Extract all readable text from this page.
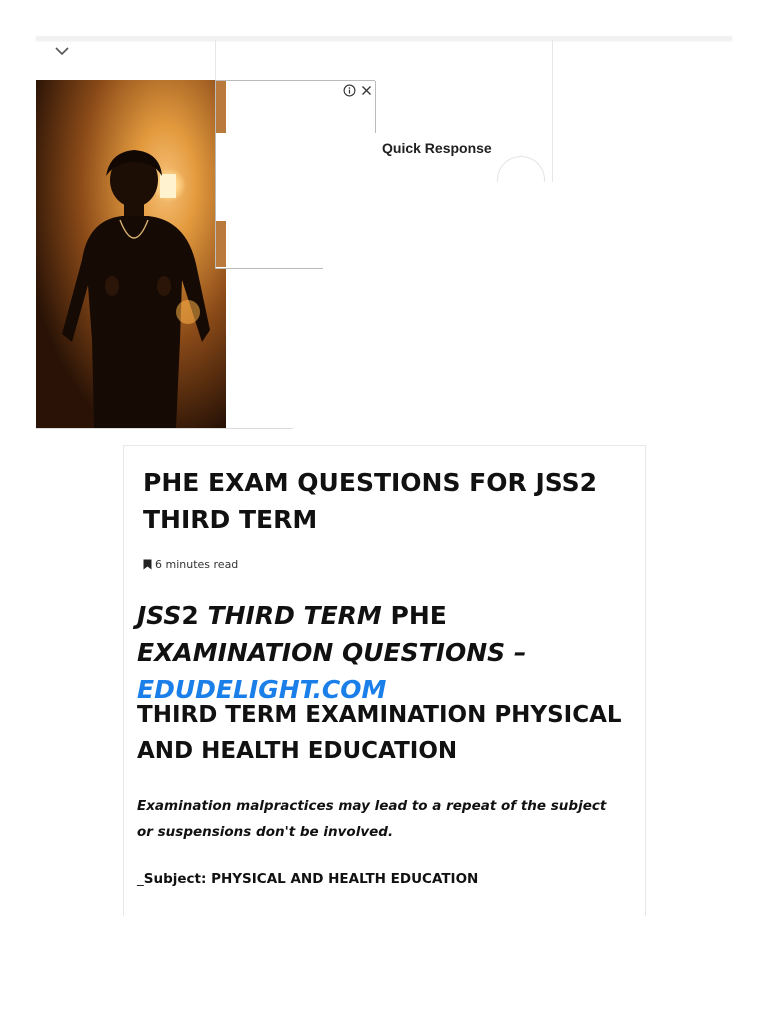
Quick Response
PHE EXAM QUESTIONS FOR JSS2 THIRD TERM
6 minutes read
JSS2 THIRD TERM PHE EXAMINATION QUESTIONS – EDUDELIGHT.COM
THIRD TERM EXAMINATION PHYSICAL AND HEALTH EDUCATION

Examination malpractices may lead to a repeat of the subject or suspensions don't be involved.

_Subject: PHYSICAL AND HEALTH EDUCATION
